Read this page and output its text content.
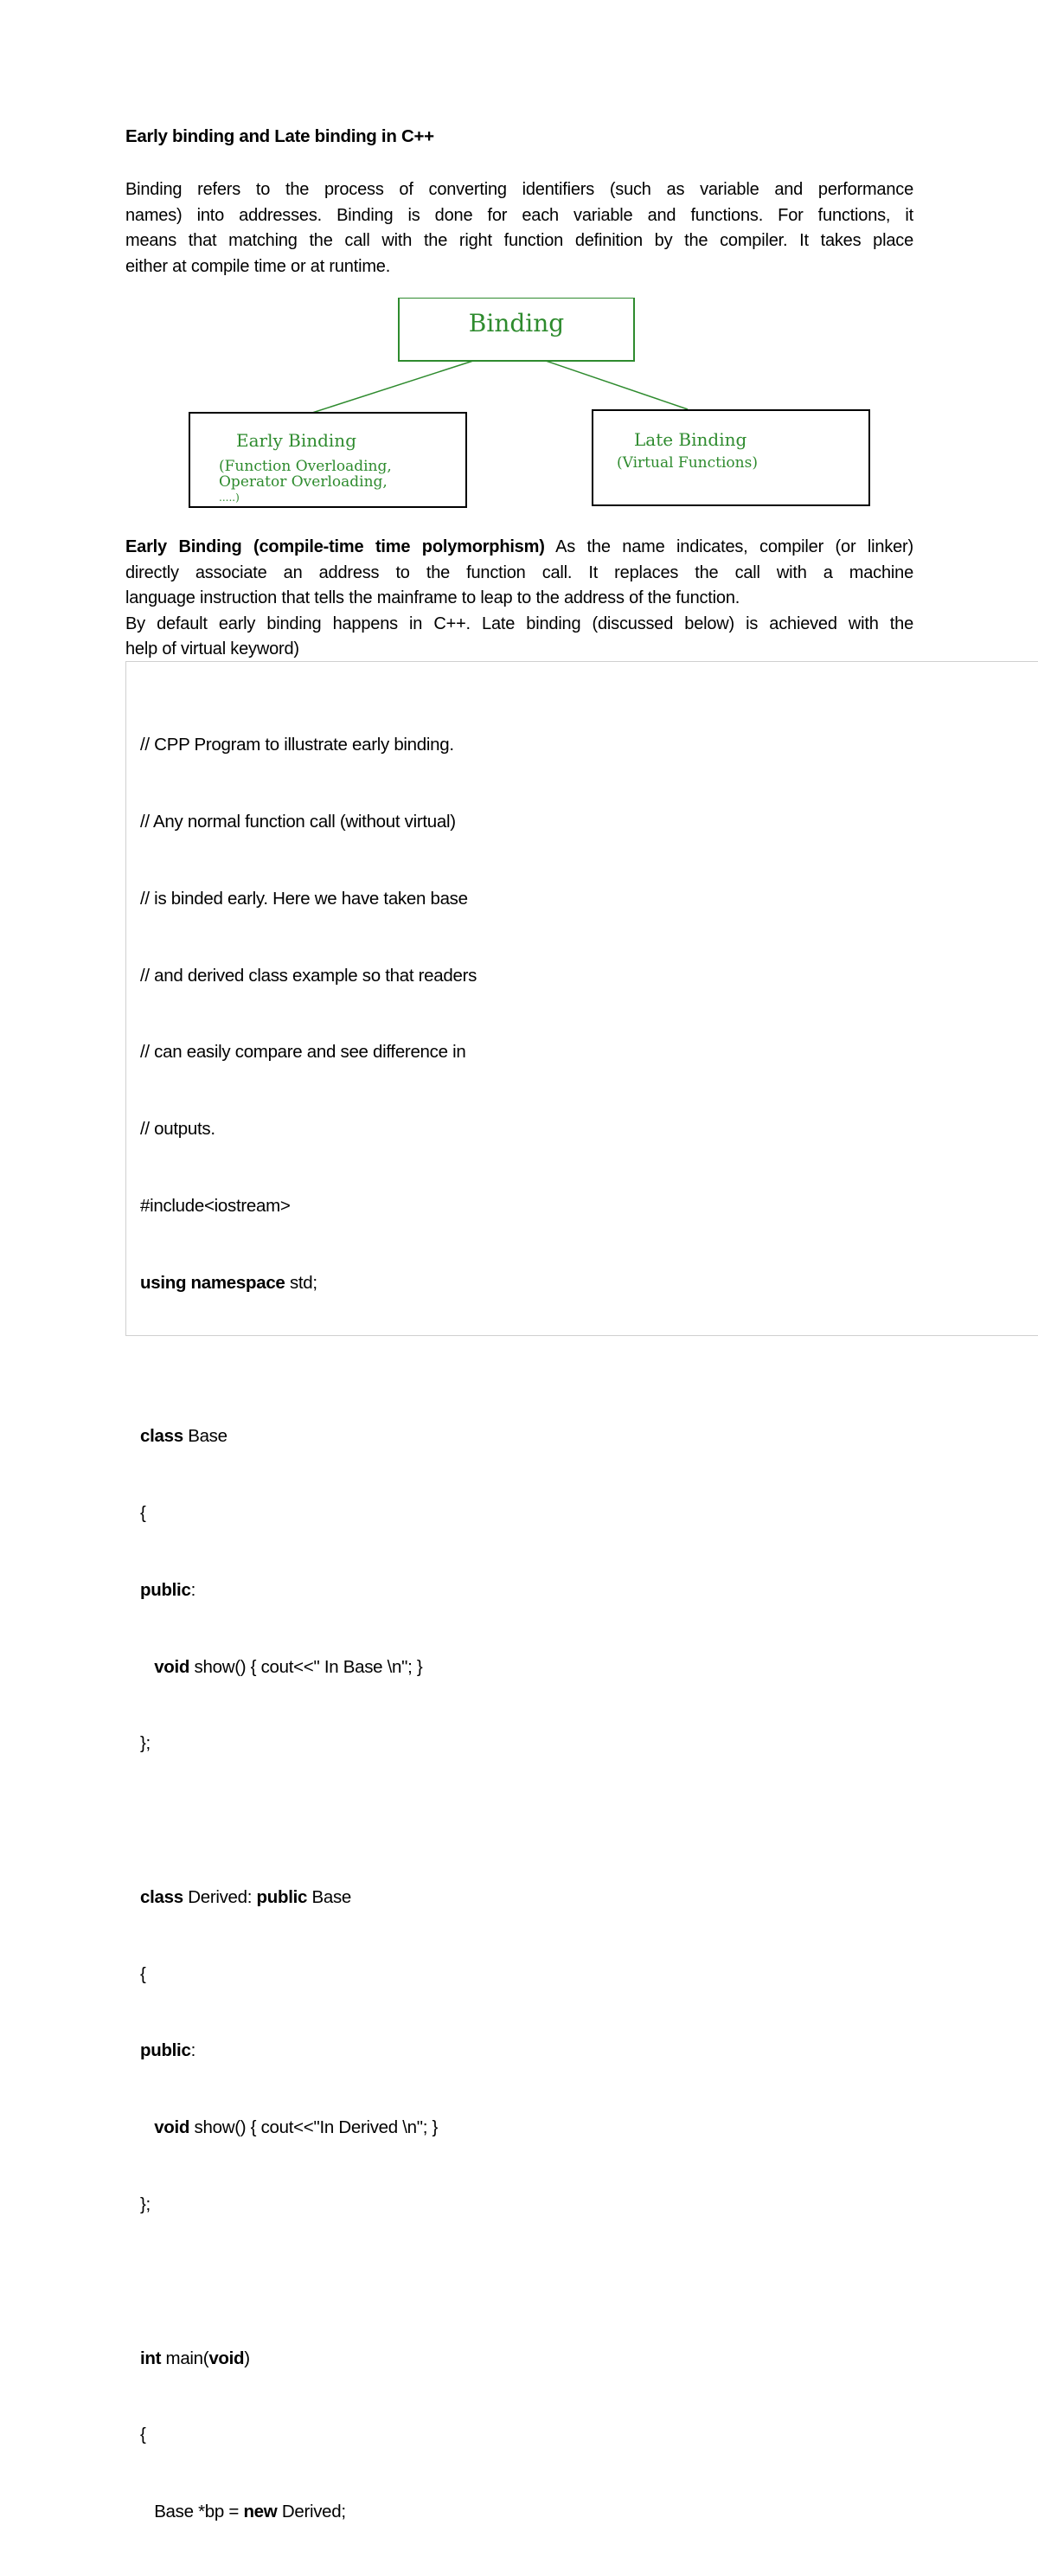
Early binding and Late binding in C++
Binding refers to the process of converting identifiers (such as variable and performance
names) into addresses. Binding is done for each variable and functions. For functions, it
means that matching the call with the right function definition by the compiler. It takes place
either at compile time or at runtime.
Binding
Early Binding
(Function Overloading,
Operator Overloading,
.....)
Late Binding
(Virtual Functions)
Early Binding (compile-time time polymorphism) As the name indicates, compiler (or linker)
directly associate an address to the function call. It replaces the call with a machine
language instruction that tells the mainframe to leap to the address of the function.
By default early binding happens in C++. Late binding (discussed below) is achieved with the
help of virtual keyword)

// CPP Program to illustrate early binding.

// Any normal function call (without virtual)

// is binded early. Here we have taken base

// and derived class example so that readers

// can easily compare and see difference in

// outputs.

#include<iostream>

using namespace std;

class Base

{

public:

void show() { cout<<" In Base \n"; }

};

class Derived: public Base

{

public:

void show() { cout<<"In Derived \n"; }

};

int main(void)

{

Base *bp = new Derived;
